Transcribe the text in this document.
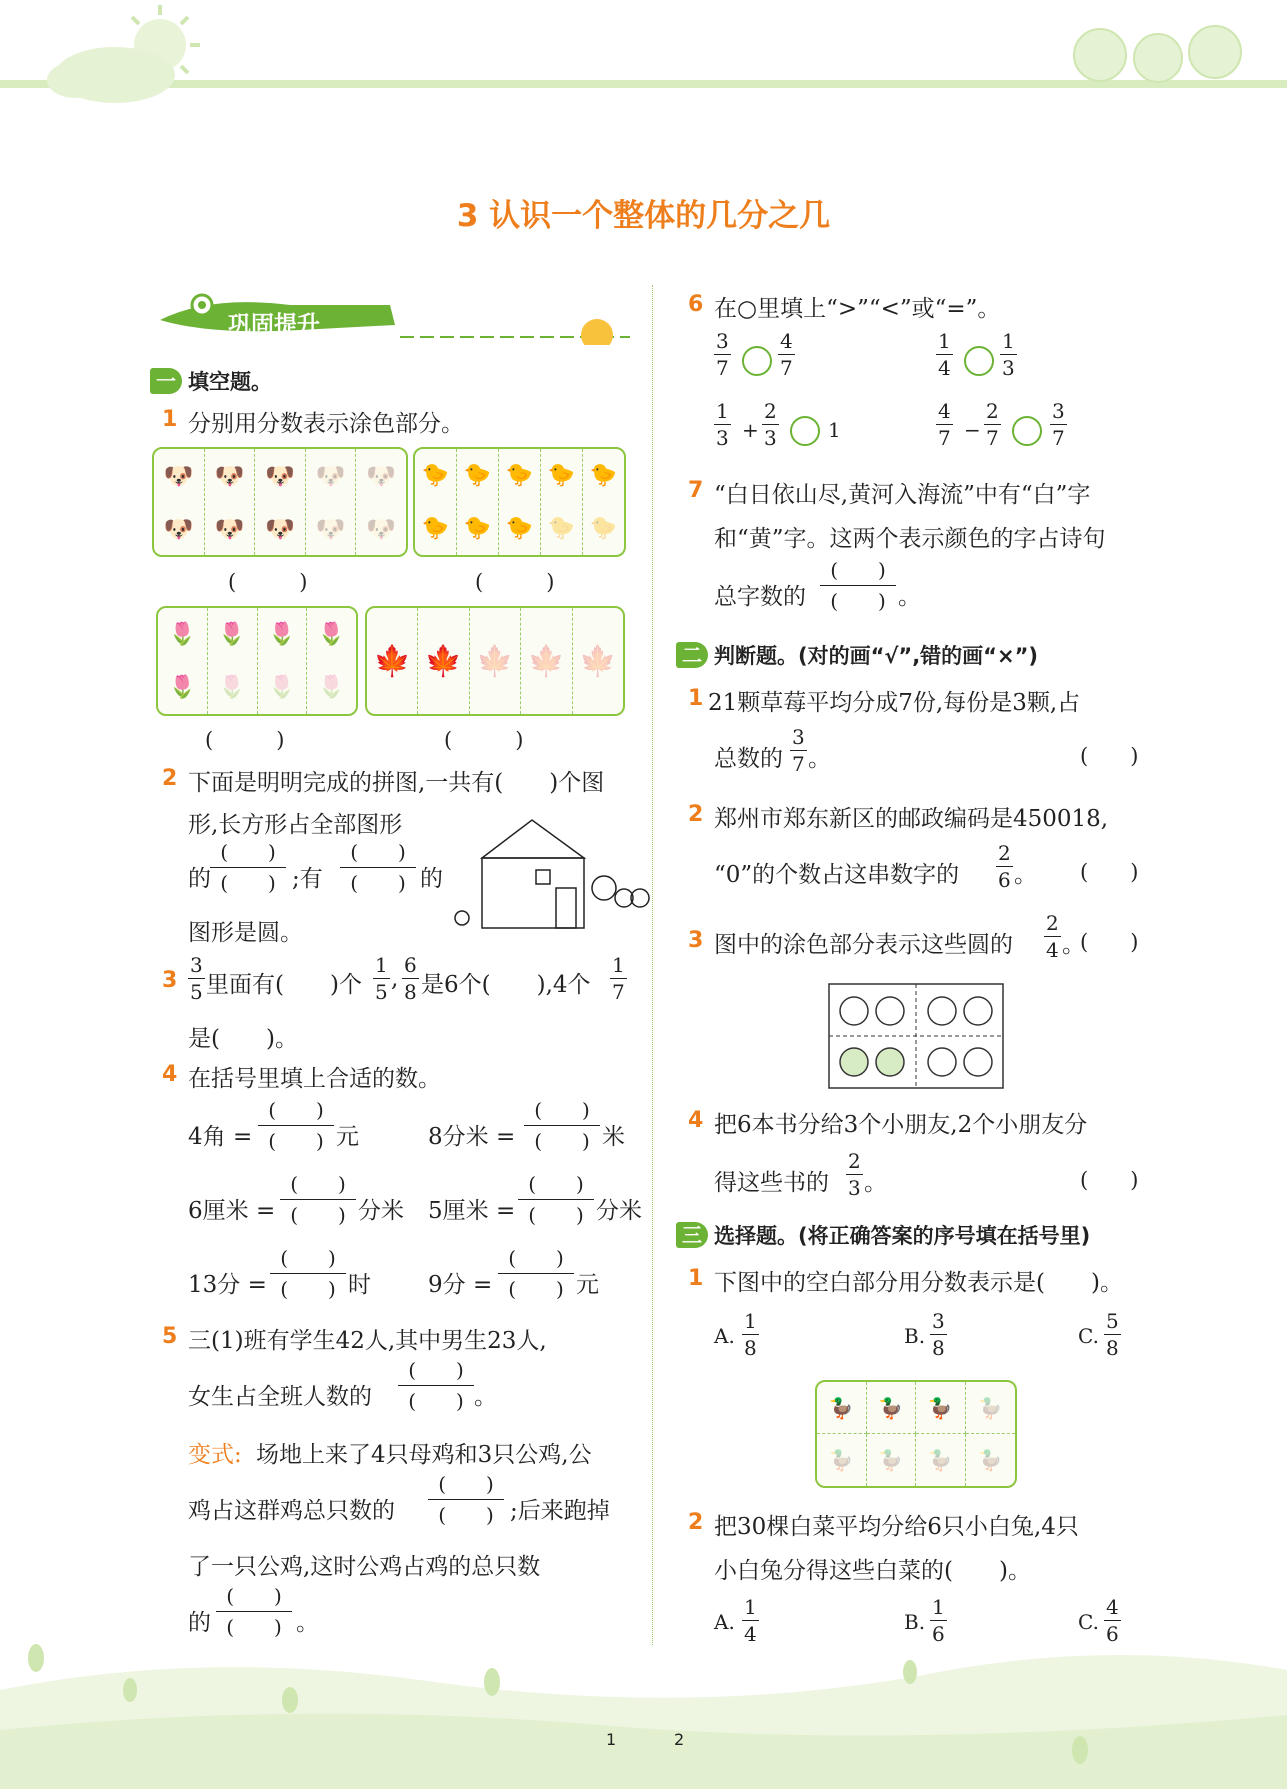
3 认识一个整体的几分之几
巩固提升
一 填空题。
1 分别用分数表示涂色部分。
🐶
🐶
🐶
🐶
🐶
🐶
🐶
🐶
🐶
🐶
🐤
🐤
🐤
🐤
🐤
🐤
🐤
🐤
🐤
🐤
(　　　)	(　　　)
🌷
🌷
🌷
🌷
🌷
🌷
🌷
🌷
🍁 🍁 🍁 🍁 🍁
(　　　)	(　　　)
2 下面是明明完成的拼图,一共有(　　)个图
形,长方形占全部图形
的
(　　)
(　　) ;有
(　　)
(　　) 的
图形是圆。
$3 \frac{3}{5}$ 里面有(　　)个 $\frac{1}{5}$ , $\frac{6}{8}$ 是6个(　　),4个 $\frac{1}{7}$
是(　　)。
4 在括号里填上合适的数。
4角 =
(　　)
(　　) 元	8分米 =
(　　)
(　　) 米
6厘米 =
(　　)
(　　) 分米 5厘米 =
(　　)
(　　) 分米
13分 =
(　　)
(　　) 时 9分 =
(　　)
(　　) 元
5 三(1)班有学生42人,其中男生23人,
女生占全班人数的
(　　)
(　　) 。
变式: 场地上来了4只母鸡和3只公鸡,公
鸡占这群鸡总只数的
(　　)
(　　) ;后来跑掉
了一只公鸡,这时公鸡占鸡的总只数
的
(　　)
(　　) 。
6 在○里填上“>”“<”或“=”。
$\frac{3}{7} \frac{4}{7}$	$\frac{1}{4} \frac{1}{3}$
$\frac{1}{3} + \frac{2}{3} 1$	$\frac{4}{7} - \frac{2}{7} \frac{3}{7}$
7 “白日依山尽,黄河入海流”中有“白”字
和“黄”字。这两个表示颜色的字占诗句
总字数的
(　　)
(　　) 。
二 判断题。(对的画“√”,错的画“×”)
1 21颗草莓平均分成7份,每份是3颗,占
总数的 $\frac{3}{7}$ 。	(　　)
2 郑州市郑东新区的邮政编码是450018,
“0”的个数占这串数字的 $\frac{2}{6}$ 。 (　　)
3 图中的涂色部分表示这些圆的 $\frac{2}{4}$ 。
(　　)
4 把6本书分给3个小朋友,2个小朋友分
得这些书的 $\frac{2}{3}$ 。	(　　)
三 选择题。(将正确答案的序号填在括号里)
1 下图中的空白部分用分数表示是(　　)。
A. $\frac{1}{8}$	B. $\frac{3}{8}$	C. $\frac{5}{8}$
🦆 🦆 🦆 🦆
🦆 🦆 🦆 🦆
2 把30棵白菜平均分给6只小白兔,4只
小白兔分得这些白菜的(　　)。
A. $\frac{1}{4}$	B. $\frac{1}{6}$	C. $\frac{4}{6}$
1	2
